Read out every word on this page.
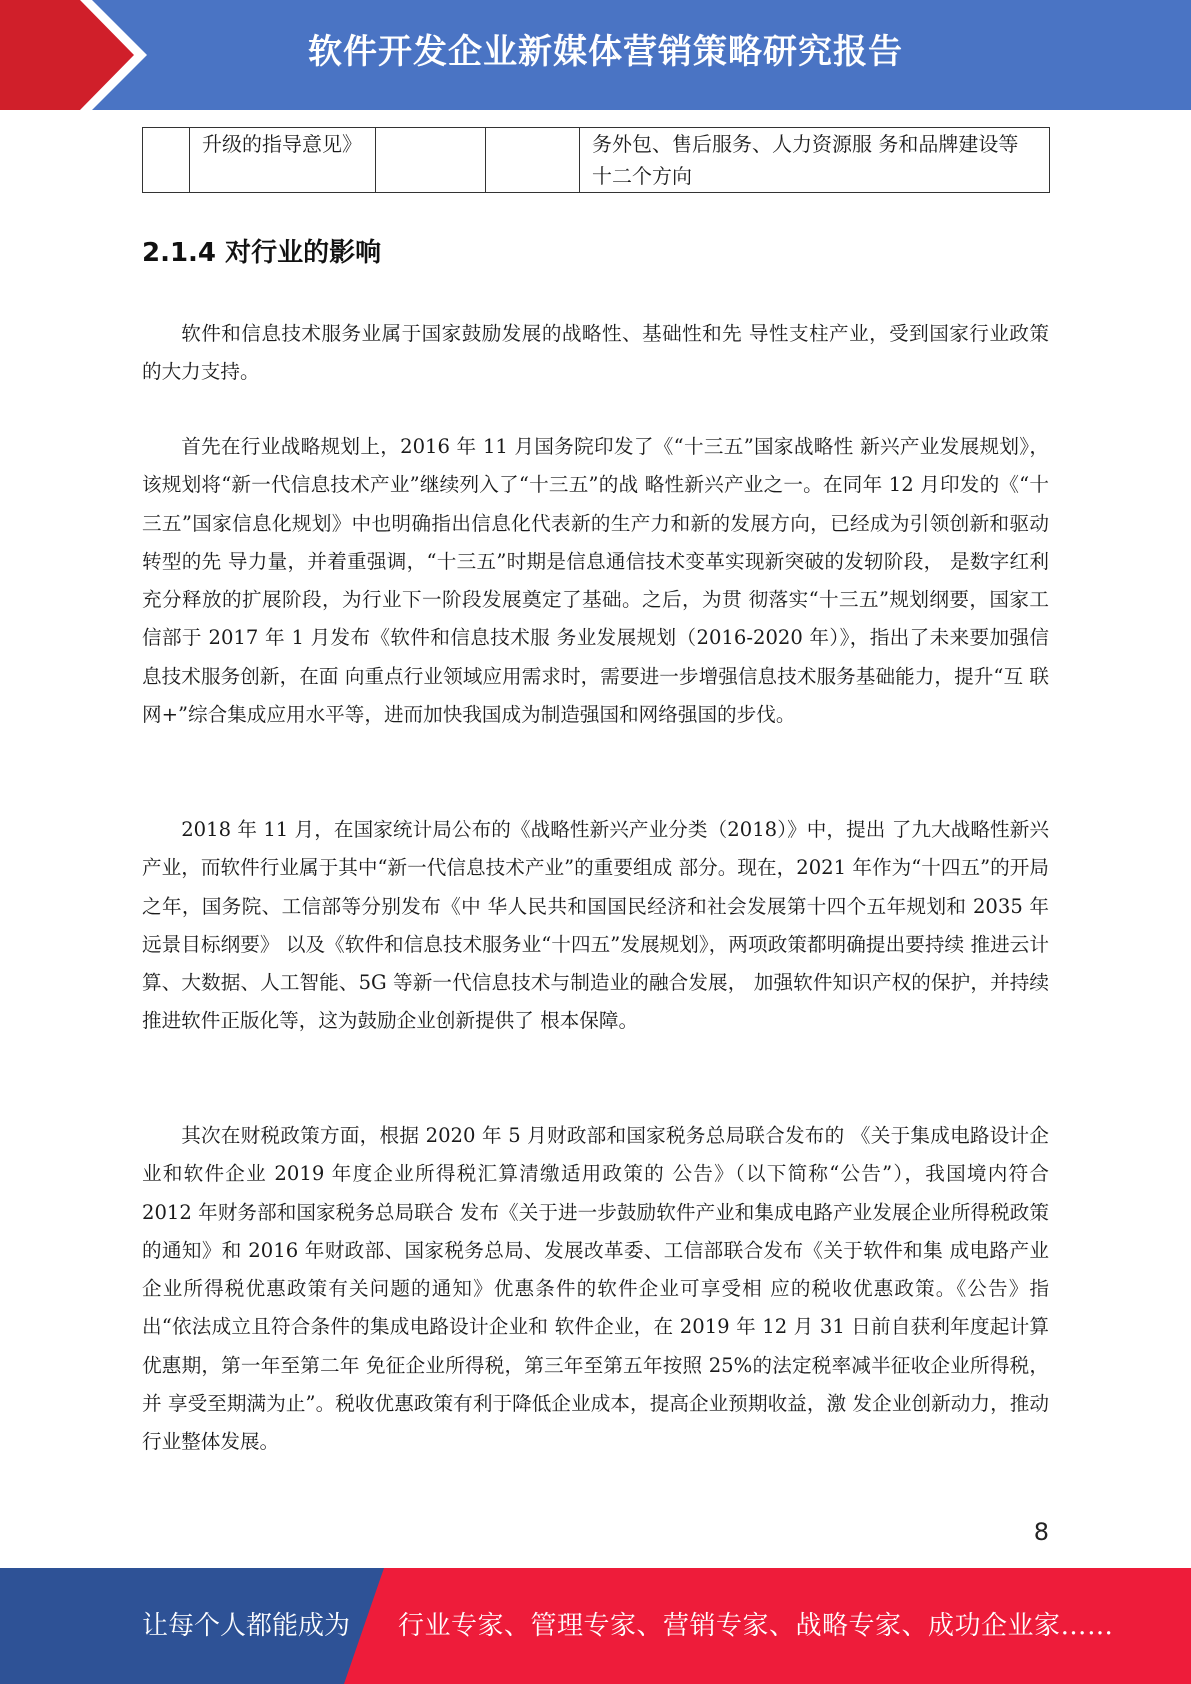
软件开发企业新媒体营销策略研究报告
	升级的指导意见》			务外包、售后服务、人力资源服 务和品牌建设等十二个方向
2.1.4 对行业的影响

软件和信息技术服务业属于国家鼓励发展的战略性、基础性和先 导性支柱产业，受到国家行业政策的大力支持。

首先在行业战略规划上，2016 年 11 月国务院印发了《“十三五”国家战略性 新兴产业发展规划》，该规划将“新一代信息技术产业”继续列入了“十三五”的战 略性新兴产业之一。在同年 12 月印发的《“十三五”国家信息化规划》中也明确指出信息化代表新的生产力和新的发展方向，已经成为引领创新和驱动转型的先 导力量，并着重强调，“十三五”时期是信息通信技术变革实现新突破的发轫阶段， 是数字红利充分释放的扩展阶段，为行业下一阶段发展奠定了基础。之后，为贯 彻落实“十三五”规划纲要，国家工信部于 2017 年 1 月发布《软件和信息技术服 务业发展规划（2016-2020 年）》，指出了未来要加强信息技术服务创新，在面 向重点行业领域应用需求时，需要进一步增强信息技术服务基础能力，提升“互 联网+”综合集成应用水平等，进而加快我国成为制造强国和网络强国的步伐。

2018 年 11 月，在国家统计局公布的《战略性新兴产业分类（2018）》中，提出 了九大战略性新兴产业，而软件行业属于其中“新一代信息技术产业”的重要组成 部分。现在，2021 年作为“十四五”的开局之年，国务院、工信部等分别发布《中 华人民共和国国民经济和社会发展第十四个五年规划和 2035 年远景目标纲要》 以及《软件和信息技术服务业“十四五”发展规划》，两项政策都明确提出要持续 推进云计算、大数据、人工智能、5G 等新一代信息技术与制造业的融合发展， 加强软件知识产权的保护，并持续推进软件正版化等，这为鼓励企业创新提供了 根本保障。

其次在财税政策方面，根据 2020 年 5 月财政部和国家税务总局联合发布的 《关于集成电路设计企业和软件企业 2019 年度企业所得税汇算清缴适用政策的 公告》（以下简称“公告”），我国境内符合 2012 年财务部和国家税务总局联合 发布《关于进一步鼓励软件产业和集成电路产业发展企业所得税政策的通知》和 2016 年财政部、国家税务总局、发展改革委、工信部联合发布《关于软件和集 成电路产业企业所得税优惠政策有关问题的通知》优惠条件的软件企业可享受相 应的税收优惠政策。《公告》指出“依法成立且符合条件的集成电路设计企业和 软件企业，在 2019 年 12 月 31 日前自获利年度起计算优惠期，第一年至第二年 免征企业所得税，第三年至第五年按照 25%的法定税率减半征收企业所得税，并 享受至期满为止”。税收优惠政策有利于降低企业成本，提高企业预期收益，激 发企业创新动力，推动行业整体发展。

8
让每个人都能成为 行业专家、管理专家、营销专家、战略专家、成功企业家……
